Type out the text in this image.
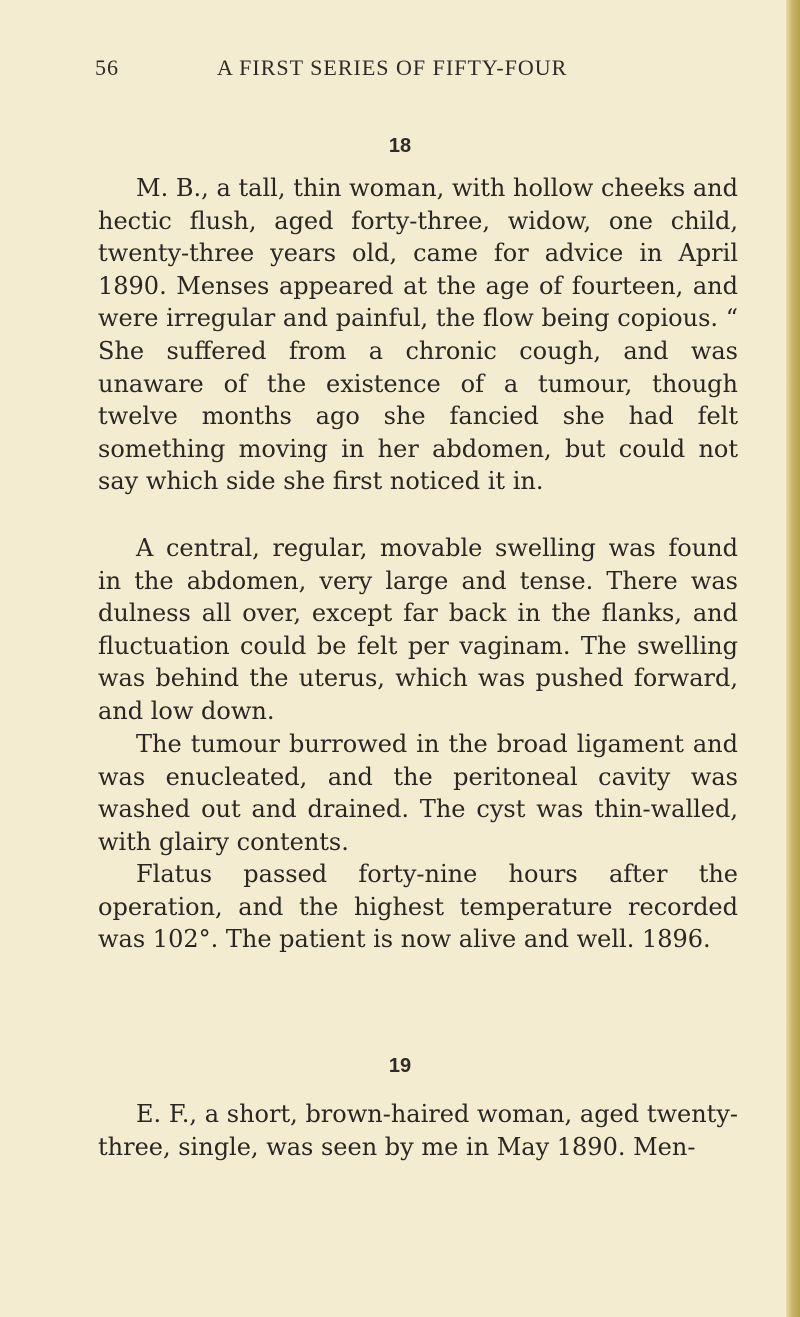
56	A FIRST SERIES OF FIFTY-FOUR
18

M. B., a tall, thin woman, with hollow cheeks and hectic flush, aged forty-three, widow, one child, twenty-three years old, came for advice in April 1890. Menses appeared at the age of fourteen, and were irregular and painful, the flow being copious. “ She suffered from a chronic cough, and was unaware of the existence of a tumour, though twelve months ago she fancied she had felt something moving in her abdomen, but could not say which side she first noticed it in.

A central, regular, movable swelling was found in the abdomen, very large and tense. There was dulness all over, except far back in the flanks, and fluctuation could be felt per vaginam. The swelling was behind the uterus, which was pushed forward, and low down.

The tumour burrowed in the broad ligament and was enucleated, and the peritoneal cavity was washed out and drained. The cyst was thin-walled, with glairy contents.

Flatus passed forty-nine hours after the operation, and the highest temperature recorded was 102°. The patient is now alive and well. 1896.

19

E. F., a short, brown-haired woman, aged twenty-three, single, was seen by me in May 1890. Men-
